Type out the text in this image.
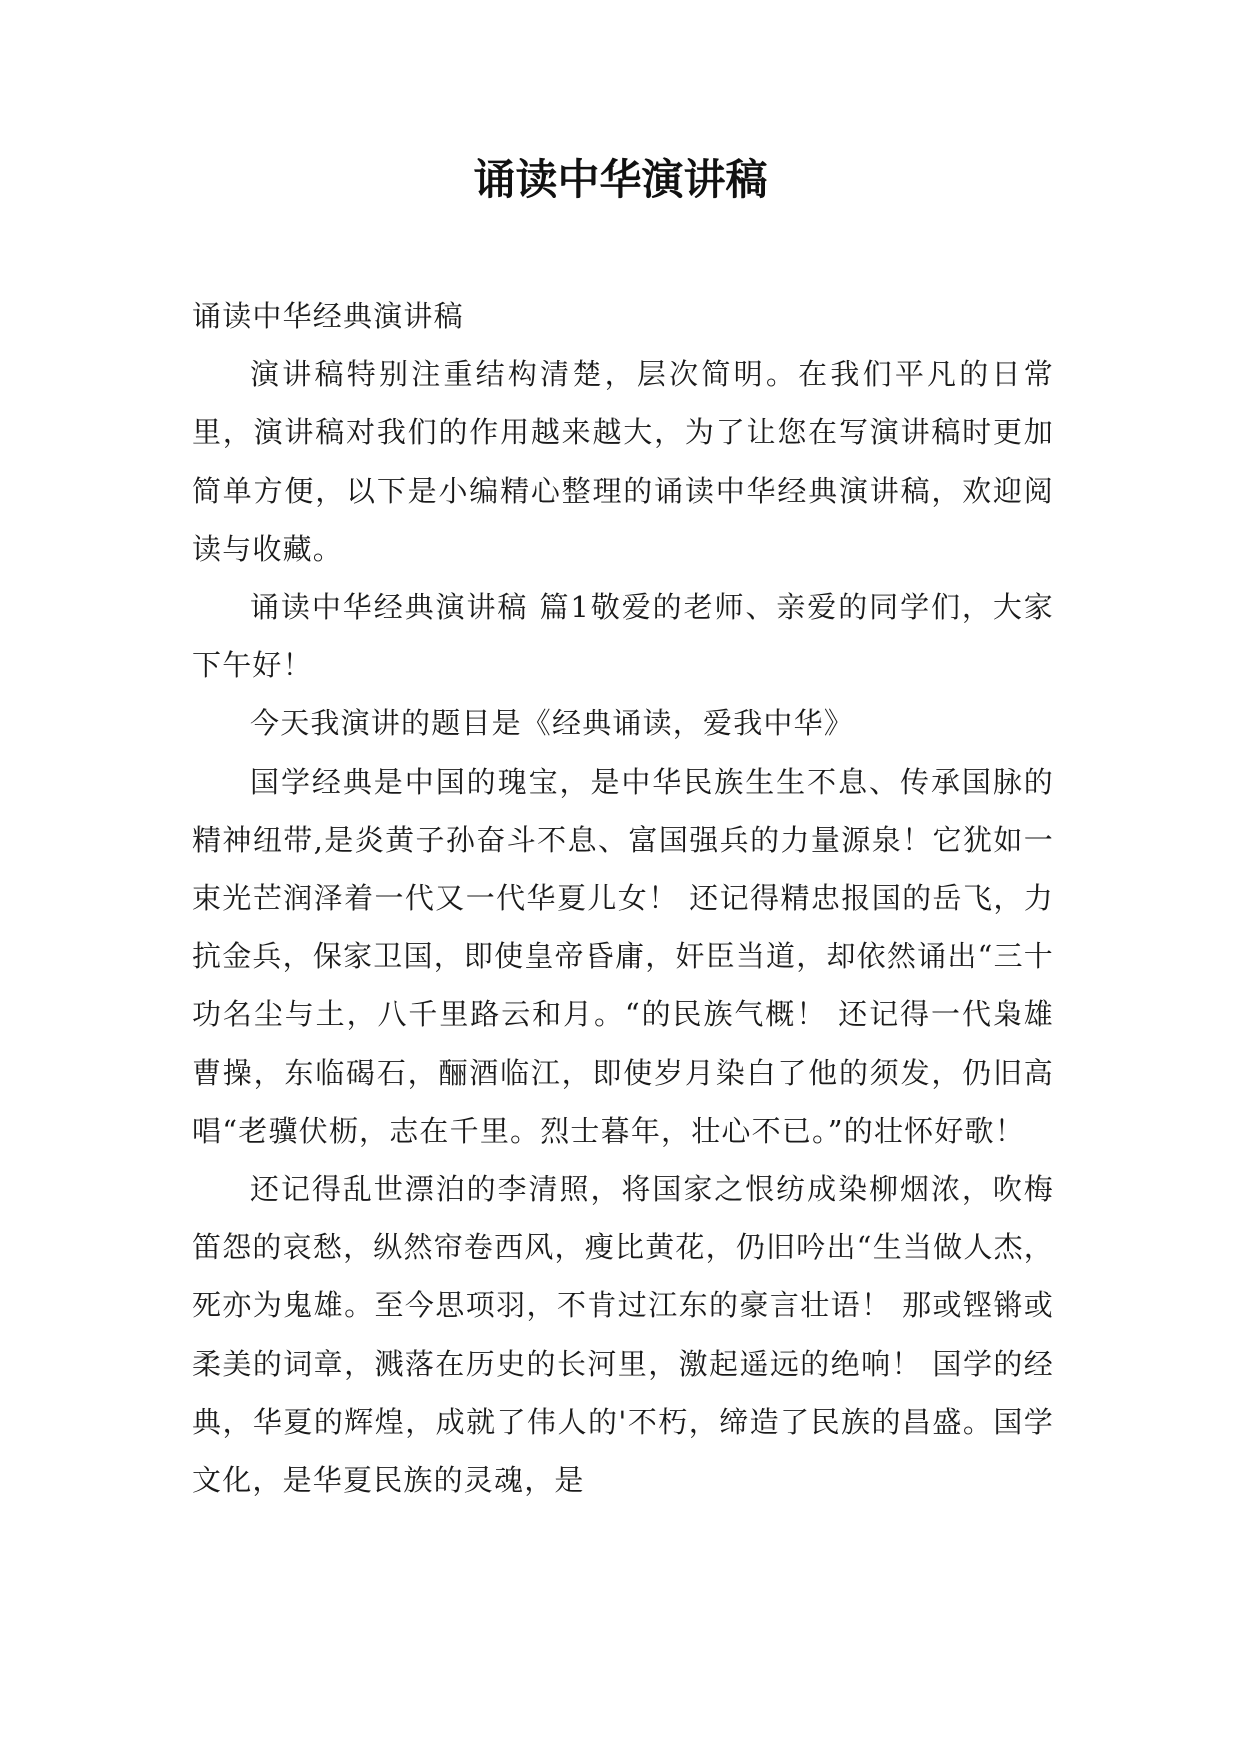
诵读中华演讲稿

诵读中华经典演讲稿

演讲稿特别注重结构清楚，层次简明。在我们平凡的日常里，演讲稿对我们的作用越来越大，为了让您在写演讲稿时更加简单方便，以下是小编精心整理的诵读中华经典演讲稿，欢迎阅读与收藏。

诵读中华经典演讲稿 篇1敬爱的老师、亲爱的同学们，大家下午好！

今天我演讲的题目是《经典诵读，爱我中华》

国学经典是中国的瑰宝，是中华民族生生不息、传承国脉的精神纽带,是炎黄子孙奋斗不息、富国强兵的力量源泉！它犹如一束光芒润泽着一代又一代华夏儿女！ 还记得精忠报国的岳飞，力抗金兵，保家卫国，即使皇帝昏庸，奸臣当道，却依然诵出“三十功名尘与土，八千里路云和月。“的民族气概！ 还记得一代枭雄曹操，东临碣石，酾酒临江，即使岁月染白了他的须发，仍旧高唱“老骥伏枥，志在千里。烈士暮年，壮心不已。”的壮怀好歌！

还记得乱世漂泊的李清照，将国家之恨纺成染柳烟浓，吹梅笛怨的哀愁，纵然帘卷西风，瘦比黄花，仍旧吟出“生当做人杰，死亦为鬼雄。至今思项羽，不肯过江东的豪言壮语！ 那或铿锵或柔美的词章，溅落在历史的长河里，激起遥远的绝响！ 国学的经典，华夏的辉煌，成就了伟人的'不朽，缔造了民族的昌盛。国学文化，是华夏民族的灵魂，是
